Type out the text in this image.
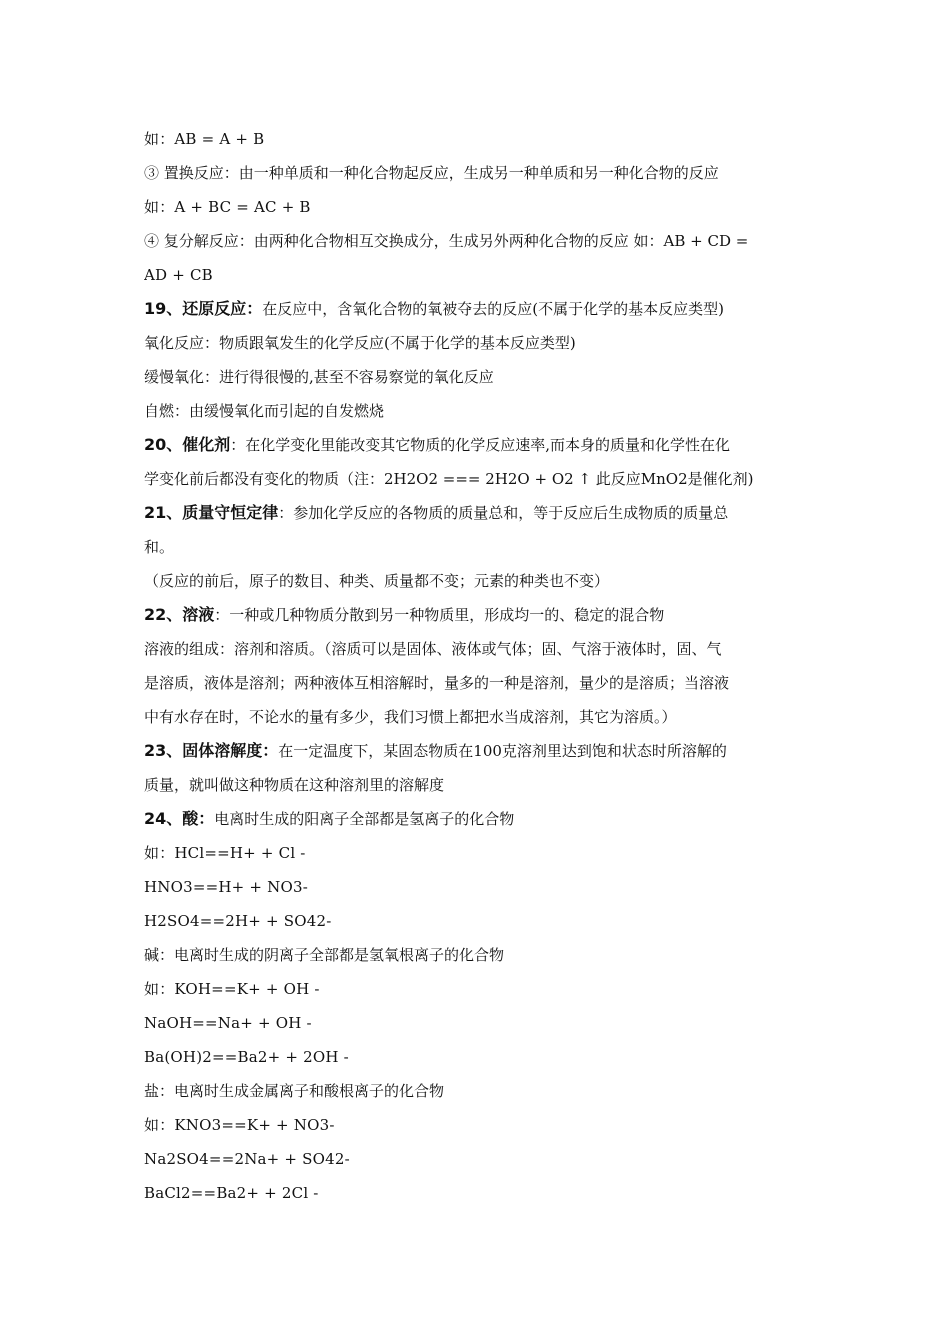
如：AB = A + B
③ 置换反应：由一种单质和一种化合物起反应，生成另一种单质和另一种化合物的反应
如：A + BC = AC + B
④ 复分解反应：由两种化合物相互交换成分，生成另外两种化合物的反应 如：AB + CD =
AD + CB
19、还原反应：在反应中，含氧化合物的氧被夺去的反应(不属于化学的基本反应类型)
氧化反应：物质跟氧发生的化学反应(不属于化学的基本反应类型)
缓慢氧化：进行得很慢的,甚至不容易察觉的氧化反应
自燃：由缓慢氧化而引起的自发燃烧
20、催化剂：在化学变化里能改变其它物质的化学反应速率,而本身的质量和化学性在化
学变化前后都没有变化的物质（注：2H2O2 === 2H2O + O2 ↑ 此反应MnO2是催化剂)
21、质量守恒定律：参加化学反应的各物质的质量总和，等于反应后生成物质的质量总
和。
（反应的前后，原子的数目、种类、质量都不变；元素的种类也不变）
22、溶液：一种或几种物质分散到另一种物质里，形成均一的、稳定的混合物
溶液的组成：溶剂和溶质。（溶质可以是固体、液体或气体；固、气溶于液体时，固、气
是溶质，液体是溶剂；两种液体互相溶解时，量多的一种是溶剂，量少的是溶质；当溶液
中有水存在时，不论水的量有多少，我们习惯上都把水当成溶剂，其它为溶质。）
23、固体溶解度：在一定温度下，某固态物质在100克溶剂里达到饱和状态时所溶解的
质量，就叫做这种物质在这种溶剂里的溶解度
24、酸：电离时生成的阳离子全部都是氢离子的化合物
如：HCl==H+ + Cl -
HNO3==H+ + NO3-
H2SO4==2H+ + SO42-
碱：电离时生成的阴离子全部都是氢氧根离子的化合物
如：KOH==K+ + OH -
NaOH==Na+ + OH -
Ba(OH)2==Ba2+ + 2OH -
盐：电离时生成金属离子和酸根离子的化合物
如：KNO3==K+ + NO3-
Na2SO4==2Na+ + SO42-
BaCl2==Ba2+ + 2Cl -
